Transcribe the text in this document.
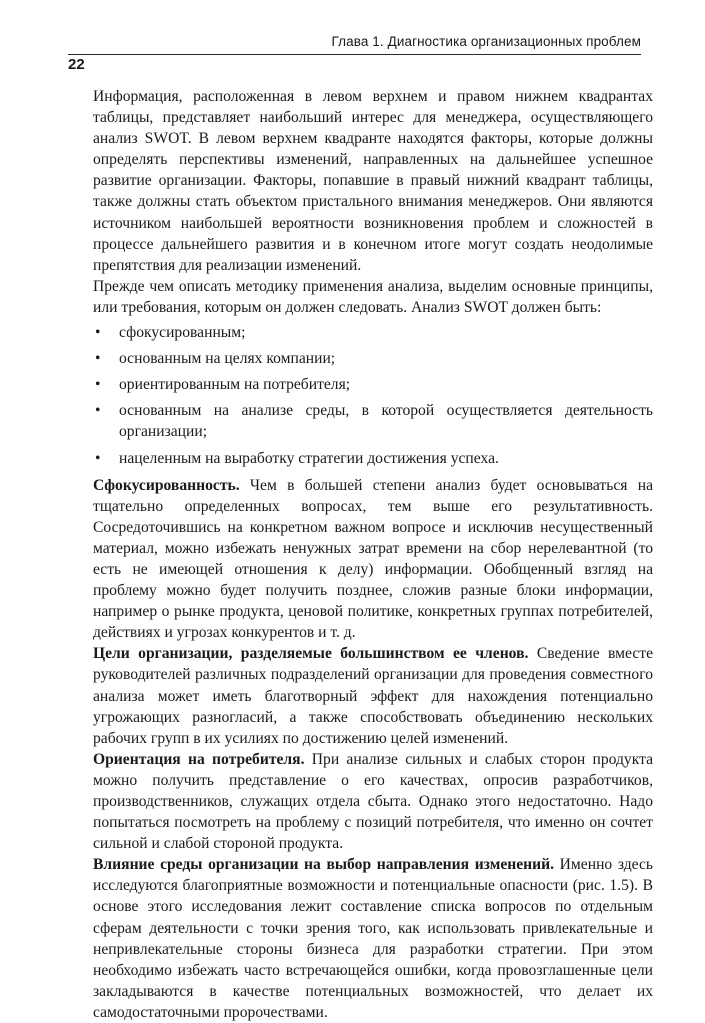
Глава 1. Диагностика организационных проблем
22

Информация, расположенная в левом верхнем и правом нижнем квадрантах таблицы, представляет наибольший интерес для менеджера, осуществляющего анализ SWOT. В левом верхнем квадранте находятся факторы, которые должны определять перспективы изменений, направленных на дальнейшее успешное развитие организации. Факторы, попавшие в правый нижний квадрант таблицы, также должны стать объектом пристального внимания менеджеров. Они являются источником наибольшей вероятности возникновения проблем и сложностей в процессе дальнейшего развития и в конечном итоге могут создать неодолимые препятствия для реализации изменений.

Прежде чем описать методику применения анализа, выделим основные принципы, или требования, которым он должен следовать. Анализ SWOT должен быть:

• сфокусированным;
• основанным на целях компании;
• ориентированным на потребителя;
• основанным на анализе среды, в которой осуществляется деятельность организации;
• нацеленным на выработку стратегии достижения успеха.

Сфокусированность. Чем в большей степени анализ будет основываться на тщательно определенных вопросах, тем выше его результативность. Сосредоточившись на конкретном важном вопросе и исключив несущественный материал, можно избежать ненужных затрат времени на сбор нерелевантной (то есть не имеющей отношения к делу) информации. Обобщенный взгляд на проблему можно будет получить позднее, сложив разные блоки информации, например о рынке продукта, ценовой политике, конкретных группах потребителей, действиях и угрозах конкурентов и т. д.

Цели организации, разделяемые большинством ее членов. Сведение вместе руководителей различных подразделений организации для проведения совместного анализа может иметь благотворный эффект для нахождения потенциально угрожающих разногласий, а также способствовать объединению нескольких рабочих групп в их усилиях по достижению целей изменений.

Ориентация на потребителя. При анализе сильных и слабых сторон продукта можно получить представление о его качествах, опросив разработчиков, производственников, служащих отдела сбыта. Однако этого недостаточно. Надо попытаться посмотреть на проблему с позиций потребителя, что именно он сочтет сильной и слабой стороной продукта.

Влияние среды организации на выбор направления изменений. Именно здесь исследуются благоприятные возможности и потенциальные опасности (рис. 1.5). В основе этого исследования лежит составление списка вопросов по отдельным сферам деятельности с точки зрения того, как использовать привлекательные и непривлекательные стороны бизнеса для разработки стратегии. При этом необходимо избежать часто встречающейся ошибки, когда провозглашенные цели закладываются в качестве потенциальных возможностей, что делает их самодостаточными пророчествами.
